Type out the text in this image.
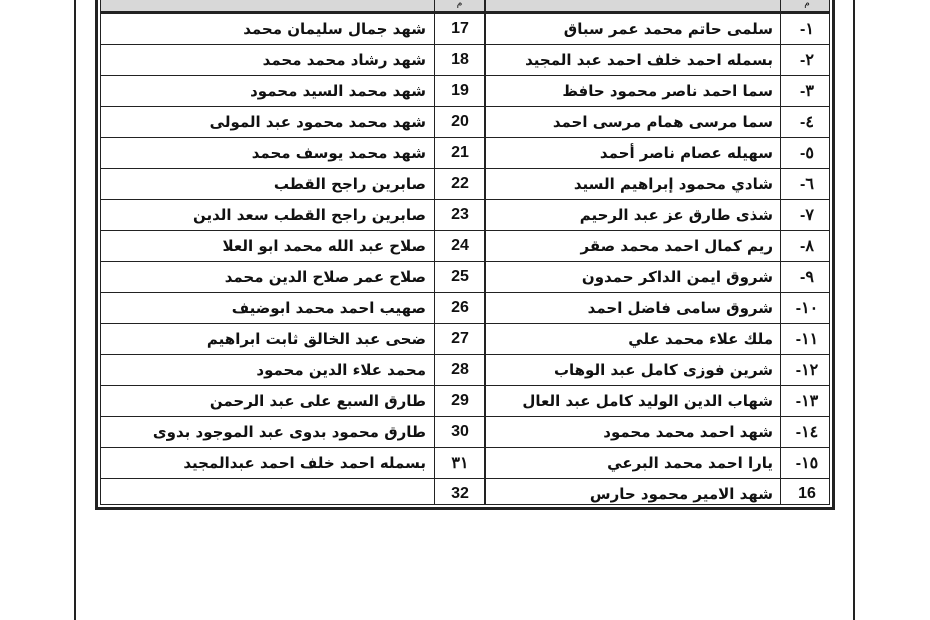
م
م
-١
سلمى حاتم محمد عمر سباق
17
شهد جمال سليمان محمد
-٢
بسمله احمد خلف احمد عبد المجيد
18
شهد رشاد محمد محمد
-٣
سما احمد ناصر محمود حافظ
19
شهد محمد السيد محمود
-٤
سما مرسى همام مرسى احمد
20
شهد محمد محمود عبد المولى
-٥
سهيله عصام ناصر أحمد
21
شهد محمد يوسف محمد
-٦
شادي محمود إبراهيم السيد
22
صابرين راجح القطب
-٧
شذى طارق عز عبد الرحيم
23
صابرين راجح القطب سعد الدين
-٨
ريم كمال احمد محمد صقر
24
صلاح عبد الله محمد ابو العلا
-٩
شروق ايمن الداكر حمدون
25
صلاح عمر صلاح الدين محمد
-١٠
شروق سامى فاضل احمد
26
صهيب احمد محمد ابوضيف
-١١
ملك علاء محمد علي
27
ضحى عبد الخالق ثابت ابراهيم
-١٢
شرين فوزى كامل عبد الوهاب
28
محمد علاء الدين محمود
-١٣
شهاب الدين الوليد كامل عبد العال
29
طارق السبع على عبد الرحمن
-١٤
شهد احمد محمد محمود
30
طارق محمود بدوى عبد الموجود بدوى
-١٥
يارا احمد محمد البرعي
٣١
بسمله احمد خلف احمد عبدالمجيد
16
شهد الامير محمود حارس
32
